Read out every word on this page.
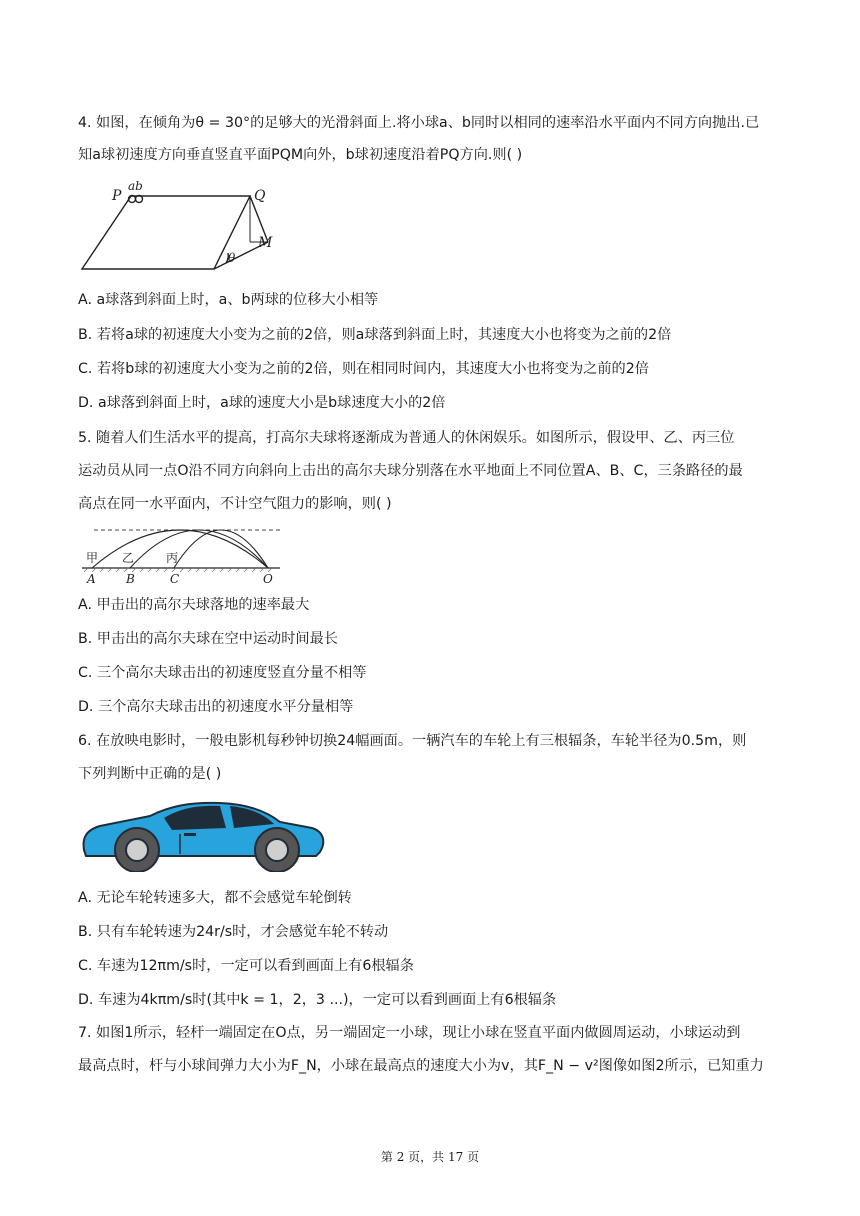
4. 如图，在倾角为θ = 30°的足够大的光滑斜面上.将小球a、b同时以相同的速率沿水平面内不同方向抛出.已
知a球初速度方向垂直竖直平面PQM向外，b球初速度沿着PQ方向.则( )
P
ab
Q
M
θ
A. a球落到斜面上时，a、b两球的位移大小相等
B. 若将a球的初速度大小变为之前的2倍，则a球落到斜面上时，其速度大小也将变为之前的2倍
C. 若将b球的初速度大小变为之前的2倍，则在相同时间内，其速度大小也将变为之前的2倍
D. a球落到斜面上时，a球的速度大小是b球速度大小的2倍
5. 随着人们生活水平的提高，打高尔夫球将逐渐成为普通人的休闲娱乐。如图所示，假设甲、乙、丙三位
运动员从同一点O沿不同方向斜向上击出的高尔夫球分别落在水平地面上不同位置A、B、C，三条路径的最
高点在同一水平面内，不计空气阻力的影响，则( )
甲 乙	丙
A	B	C	O
A. 甲击出的高尔夫球落地的速率最大
B. 甲击出的高尔夫球在空中运动时间最长
C. 三个高尔夫球击出的初速度竖直分量不相等
D. 三个高尔夫球击出的初速度水平分量相等
6. 在放映电影时，一般电影机每秒钟切换24幅画面。一辆汽车的车轮上有三根辐条，车轮半径为0.5m，则
下列判断中正确的是( )
A. 无论车轮转速多大，都不会感觉车轮倒转
B. 只有车轮转速为24r/s时，才会感觉车轮不转动
C. 车速为12πm/s时，一定可以看到画面上有6根辐条
D. 车速为4kπm/s时(其中k = 1，2，3 ...)，一定可以看到画面上有6根辐条
7. 如图1所示，轻杆一端固定在O点，另一端固定一小球，现让小球在竖直平面内做圆周运动，小球运动到
最高点时，杆与小球间弹力大小为F_N，小球在最高点的速度大小为v，其F_N − v²图像如图2所示，已知重力
第 2 页，共 17 页
